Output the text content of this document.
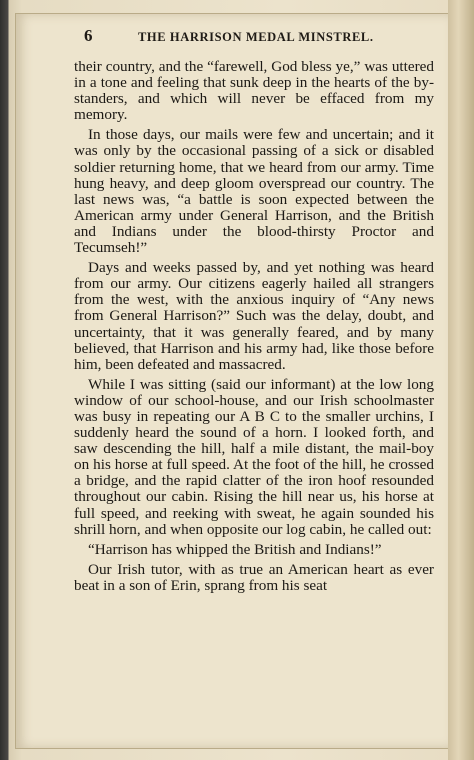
6	THE HARRISON MEDAL MINSTREL.

their country, and the “farewell, God bless ye,” was uttered in a tone and feeling that sunk deep in the hearts of the by-standers, and which will never be effaced from my memory.

In those days, our mails were few and uncertain; and it was only by the occasional passing of a sick or disabled soldier returning home, that we heard from our army. Time hung heavy, and deep gloom overspread our country. The last news was, “a battle is soon expected between the American army under General Harrison, and the British and Indians under the blood-thirsty Proctor and Tecumseh!”

Days and weeks passed by, and yet nothing was heard from our army. Our citizens eagerly hailed all strangers from the west, with the anxious inquiry of “Any news from General Harrison?” Such was the delay, doubt, and uncertainty, that it was generally feared, and by many believed, that Harrison and his army had, like those before him, been defeated and massacred.

While I was sitting (said our informant) at the low long window of our school-house, and our Irish schoolmaster was busy in repeating our A B C to the smaller urchins, I suddenly heard the sound of a horn. I looked forth, and saw descending the hill, half a mile distant, the mail-boy on his horse at full speed. At the foot of the hill, he crossed a bridge, and the rapid clatter of the iron hoof resounded throughout our cabin. Rising the hill near us, his horse at full speed, and reeking with sweat, he again sounded his shrill horn, and when opposite our log cabin, he called out:

“Harrison has whipped the British and Indians!”

Our Irish tutor, with as true an American heart as ever beat in a son of Erin, sprang from his seat
